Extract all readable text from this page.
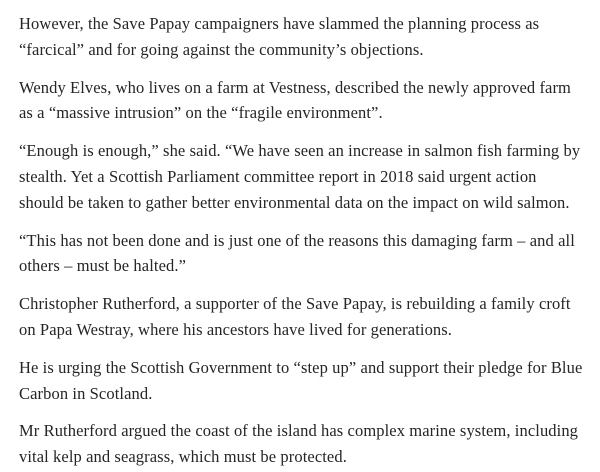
However, the Save Papay campaigners have slammed the planning process as “farcical” and for going against the community’s objections.

Wendy Elves, who lives on a farm at Vestness, described the newly approved farm as a “massive intrusion” on the “fragile environment”.

“Enough is enough,” she said. “We have seen an increase in salmon fish farming by stealth. Yet a Scottish Parliament committee report in 2018 said urgent action should be taken to gather better environmental data on the impact on wild salmon.

“This has not been done and is just one of the reasons this damaging farm – and all others – must be halted.”

Christopher Rutherford, a supporter of the Save Papay, is rebuilding a family croft on Papa Westray, where his ancestors have lived for generations.

He is urging the Scottish Government to “step up” and support their pledge for Blue Carbon in Scotland.

Mr Rutherford argued the coast of the island has complex marine system, including vital kelp and seagrass, which must be protected.
